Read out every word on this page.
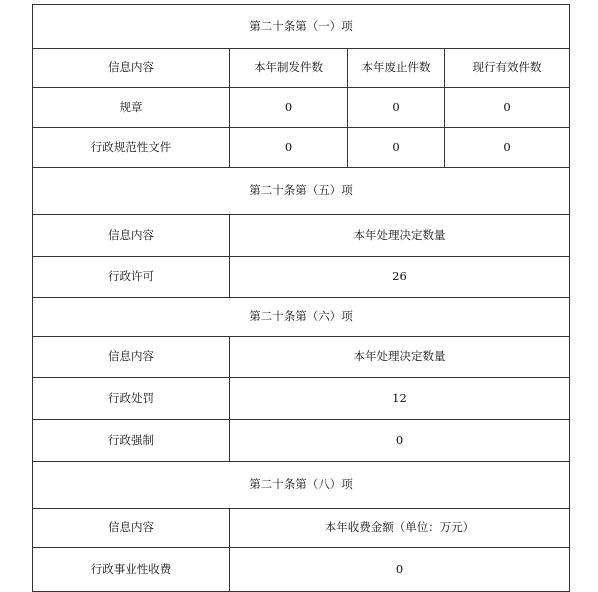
第二十条第（一）项			
信息内容	本年制发件数	本年废止件数	现行有效件数
规章	0	0	0
行政规范性文件	0	0	0
第二十条第（五）项			
信息内容	本年处理决定数量		
行政许可	26		
第二十条第（六）项			
信息内容	本年处理决定数量		
行政处罚	12		
行政强制	0		
第二十条第（八）项			
信息内容	本年收费金额（单位：万元）		
行政事业性收费	0		
